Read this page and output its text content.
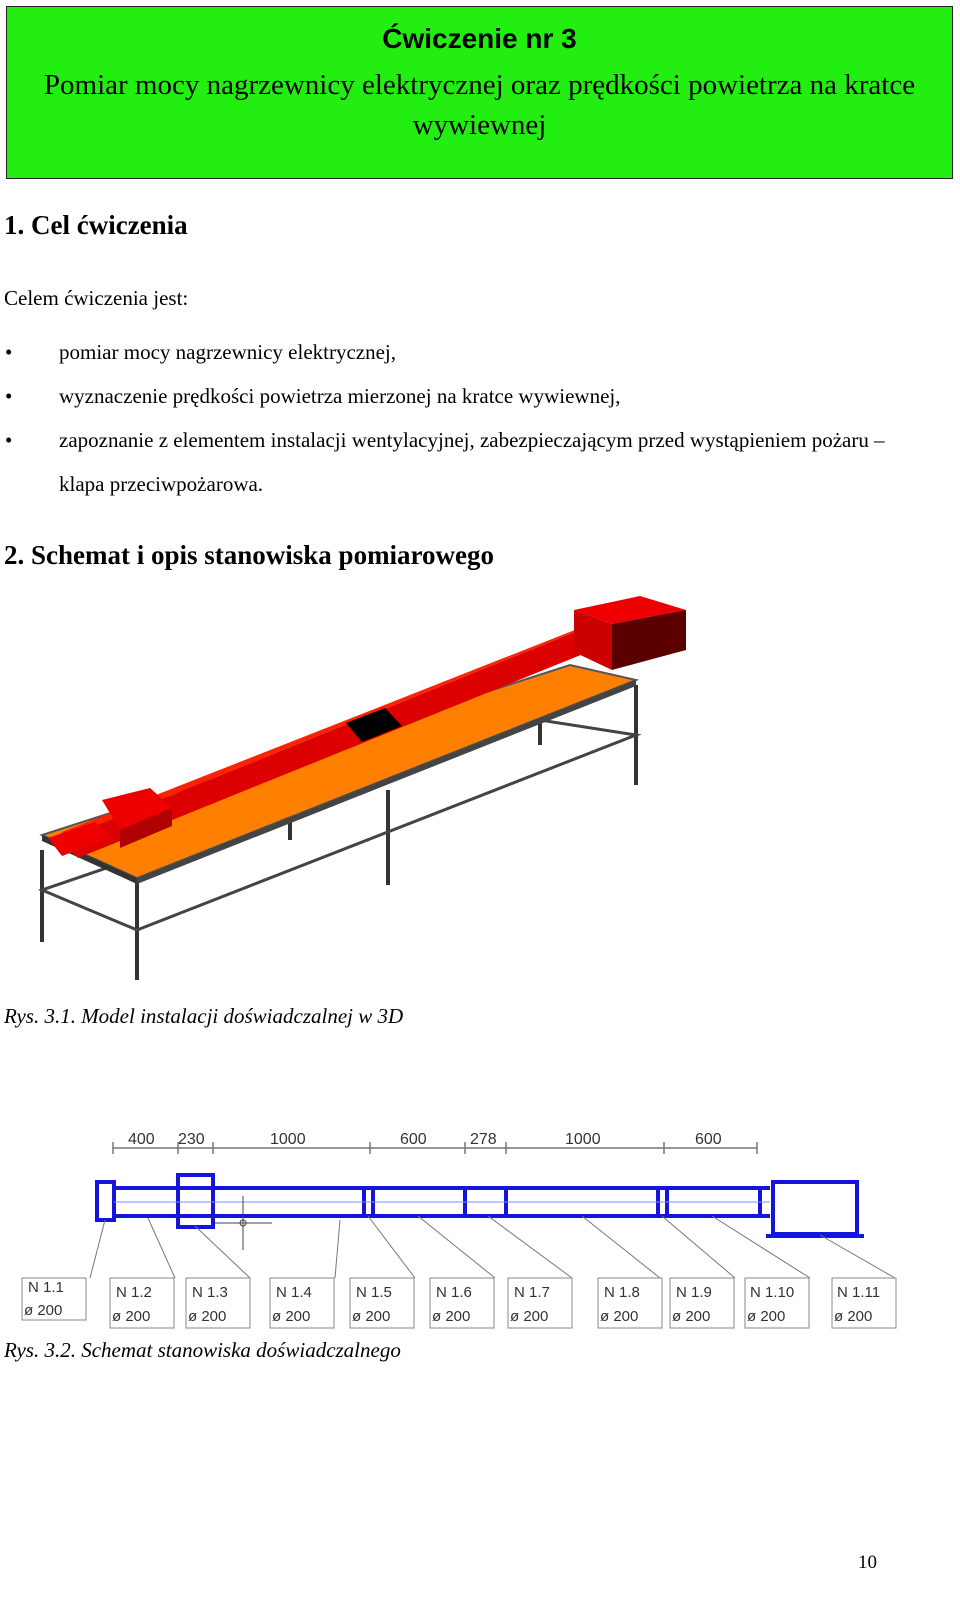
Ćwiczenie nr 3
Pomiar mocy nagrzewnicy elektrycznej oraz prędkości powietrza na kratce wywiewnej
1. Cel ćwiczenia
Celem ćwiczenia jest:
• pomiar mocy nagrzewnicy elektrycznej,
• wyznaczenie prędkości powietrza mierzonej na kratce wywiewnej,
• zapoznanie z elementem instalacji wentylacyjnej, zabezpieczającym przed wystąpieniem pożaru – klapa przeciwpożarowa.
2. Schemat i opis stanowiska pomiarowego
Rys. 3.1. Model instalacji doświadczalnej w 3D
400 230	1000	600	278	1000	600
N 1.1
ø 200
N 1.2
ø 200
N 1.3
ø 200
N 1.4
ø 200
N 1.5
ø 200
N 1.6
ø 200
N 1.7
ø 200
N 1.8
ø 200
N 1.9
ø 200
N 1.10
ø 200
N 1.11
ø 200
Rys. 3.2. Schemat stanowiska doświadczalnego
10
